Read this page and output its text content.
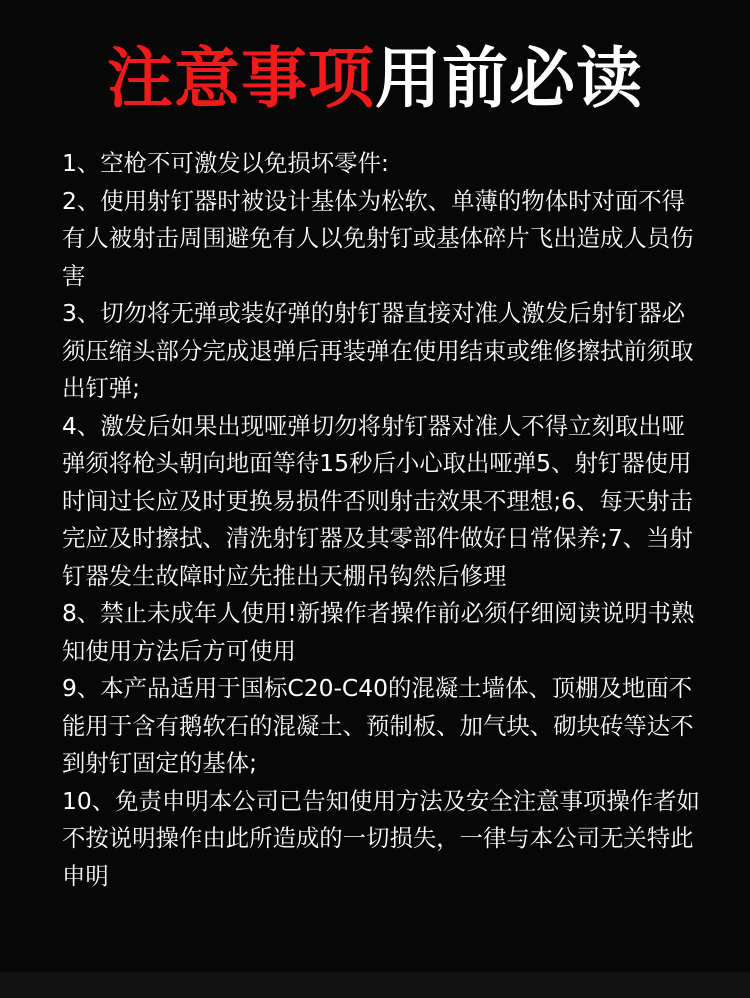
注意事项用前必读

1、空枪不可激发以免损坏零件:

2、使用射钉器时被设计基体为松软、单薄的物体时对面不得有人被射击周围避免有人以免射钉或基体碎片飞出造成人员伤害

3、切勿将无弹或装好弹的射钉器直接对准人激发后射钉器必须压缩头部分完成退弹后再装弹在使用结束或维修擦拭前须取出钉弹;

4、激发后如果出现哑弹切勿将射钉器对准人不得立刻取出哑弹须将枪头朝向地面等待15秒后小心取出哑弹5、射钉器使用时间过长应及时更换易损件否则射击效果不理想;6、每天射击完应及时擦拭、清洗射钉器及其零部件做好日常保养;7、当射钉器发生故障时应先推出天棚吊钩然后修理

8、禁止未成年人使用!新操作者操作前必须仔细阅读说明书熟知使用方法后方可使用

9、本产品适用于国标C20-C40的混凝土墙体、顶棚及地面不能用于含有鹅软石的混凝土、预制板、加气块、砌块砖等达不到射钉固定的基体;

10、免责申明本公司已告知使用方法及安全注意事项操作者如不按说明操作由此所造成的一切损失，一律与本公司无关特此申明
